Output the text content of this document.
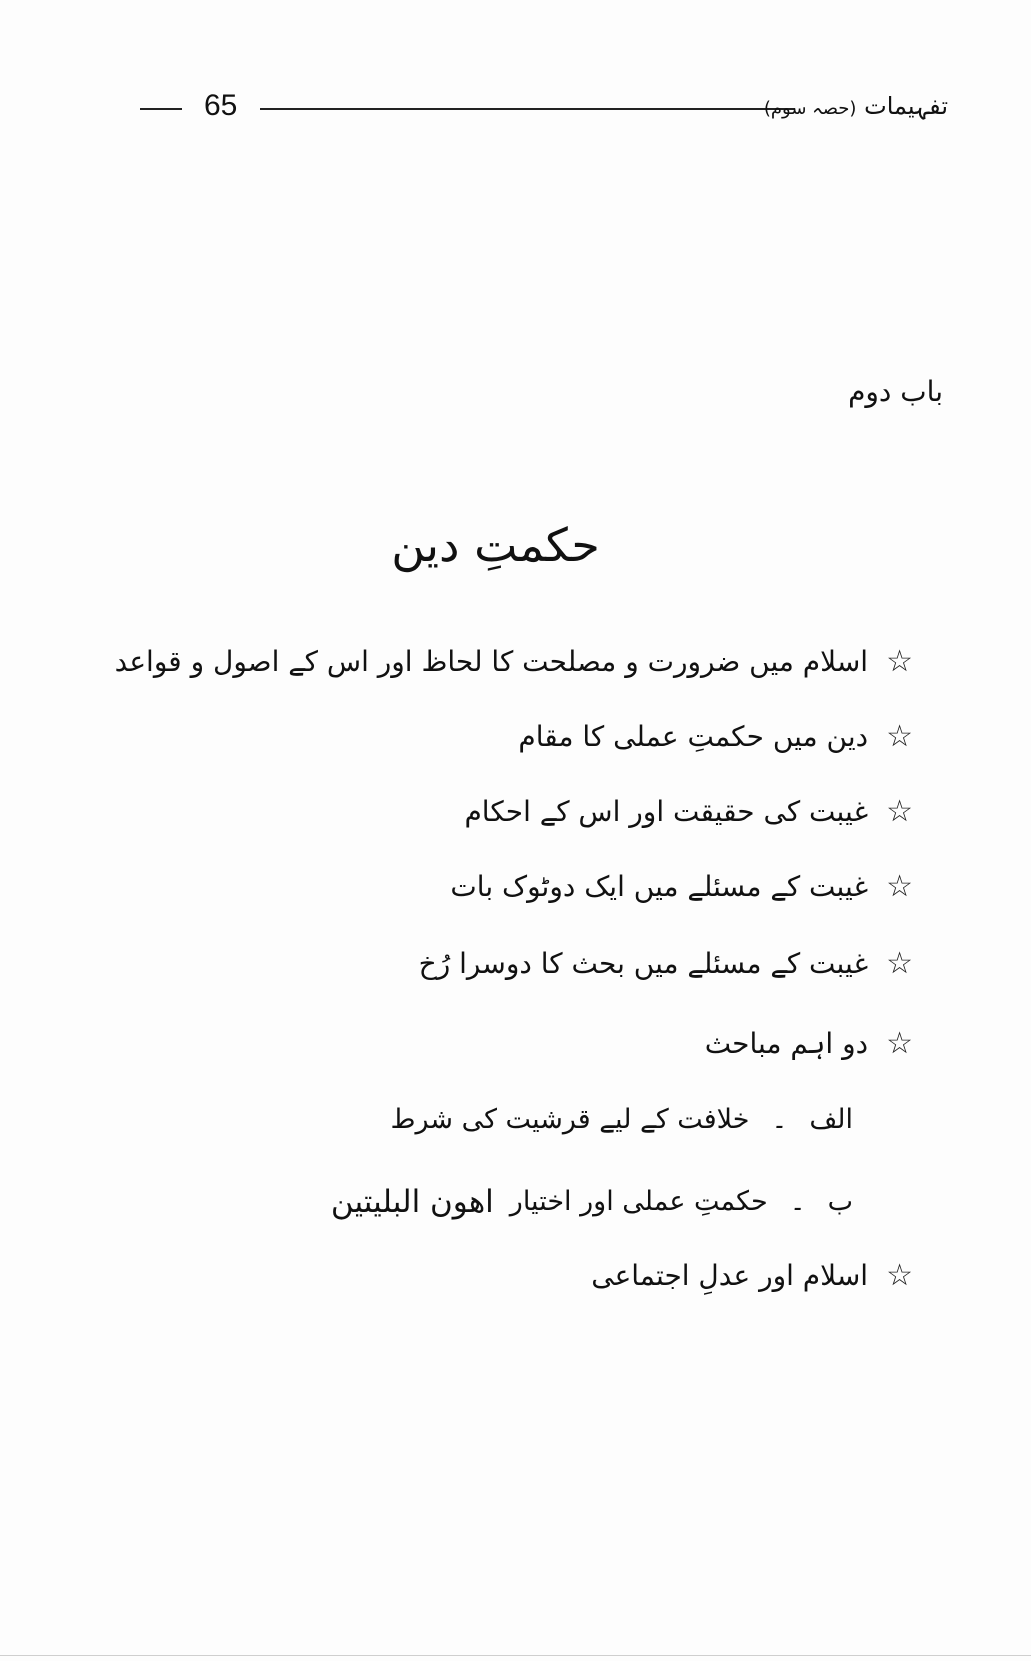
65	تفہیمات (حصہ سوم)
باب دوم
حکمتِ دین
☆
اسلام میں ضرورت و مصلحت کا لحاظ اور اس کے اصول و قواعد
☆
دین میں حکمتِ عملی کا مقام
☆
غیبت کی حقیقت اور اس کے احکام
☆
غیبت کے مسئلے میں ایک دوٹوک بات
☆
غیبت کے مسئلے میں بحث کا دوسرا رُخ
☆
دو اہم مباحث
الف
۔
خلافت کے لیے قرشیت کی شرط
ب
۔
حکمتِ عملی اور اختیار
اھون البلیتین
☆
اسلام اور عدلِ اجتماعی
